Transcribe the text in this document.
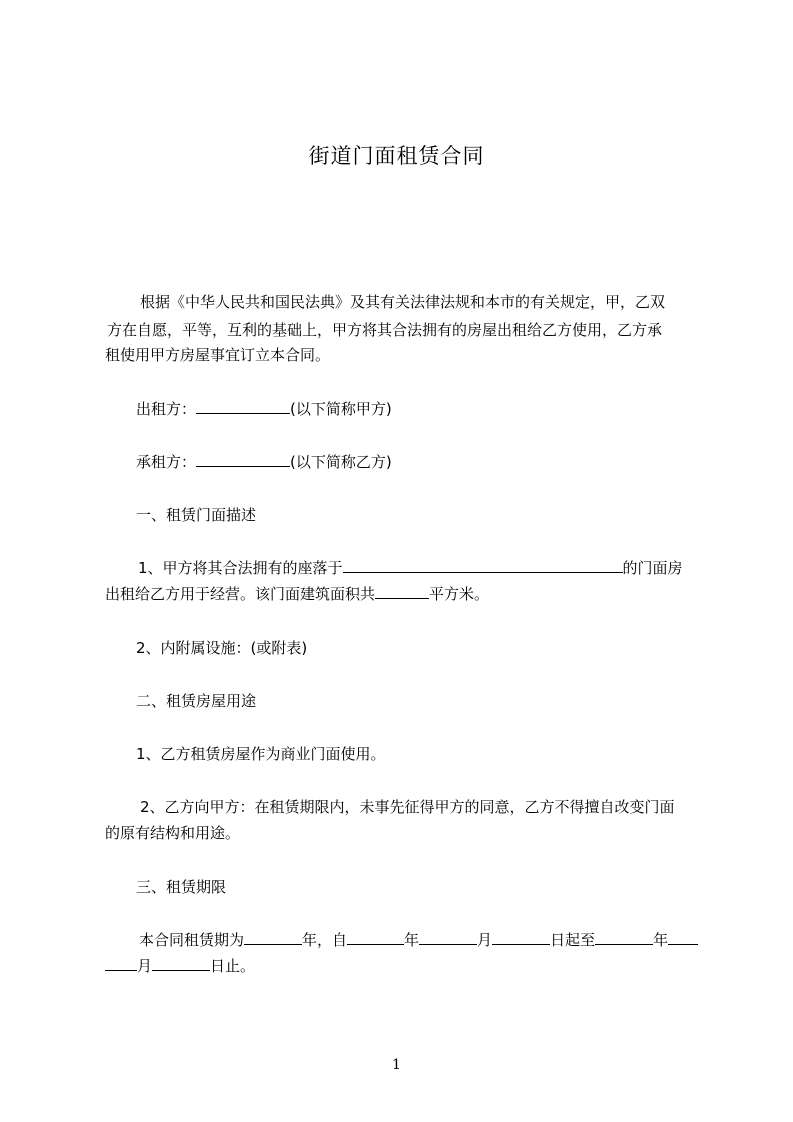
街道门面租赁合同
根据《中华人民共和国民法典》及其有关法律法规和本市的有关规定，甲，乙双
方在自愿，平等，互利的基础上，甲方将其合法拥有的房屋出租给乙方使用，乙方承
租使用甲方房屋事宜订立本合同。
出租方：	(以下简称甲方)
承租方：	(以下简称乙方)
一、租赁门面描述
1、甲方将其合法拥有的座落于	的门面房
出租给乙方用于经营。该门面建筑面积共	平方米。
2、内附属设施：(或附表)
二、租赁房屋用途
1、乙方租赁房屋作为商业门面使用。
2、乙方向甲方：在租赁期限内，未事先征得甲方的同意，乙方不得擅自改变门面
的原有结构和用途。
三、租赁期限
本合同租赁期为	年，自	年	月	日起至	年
月	日止。
1
